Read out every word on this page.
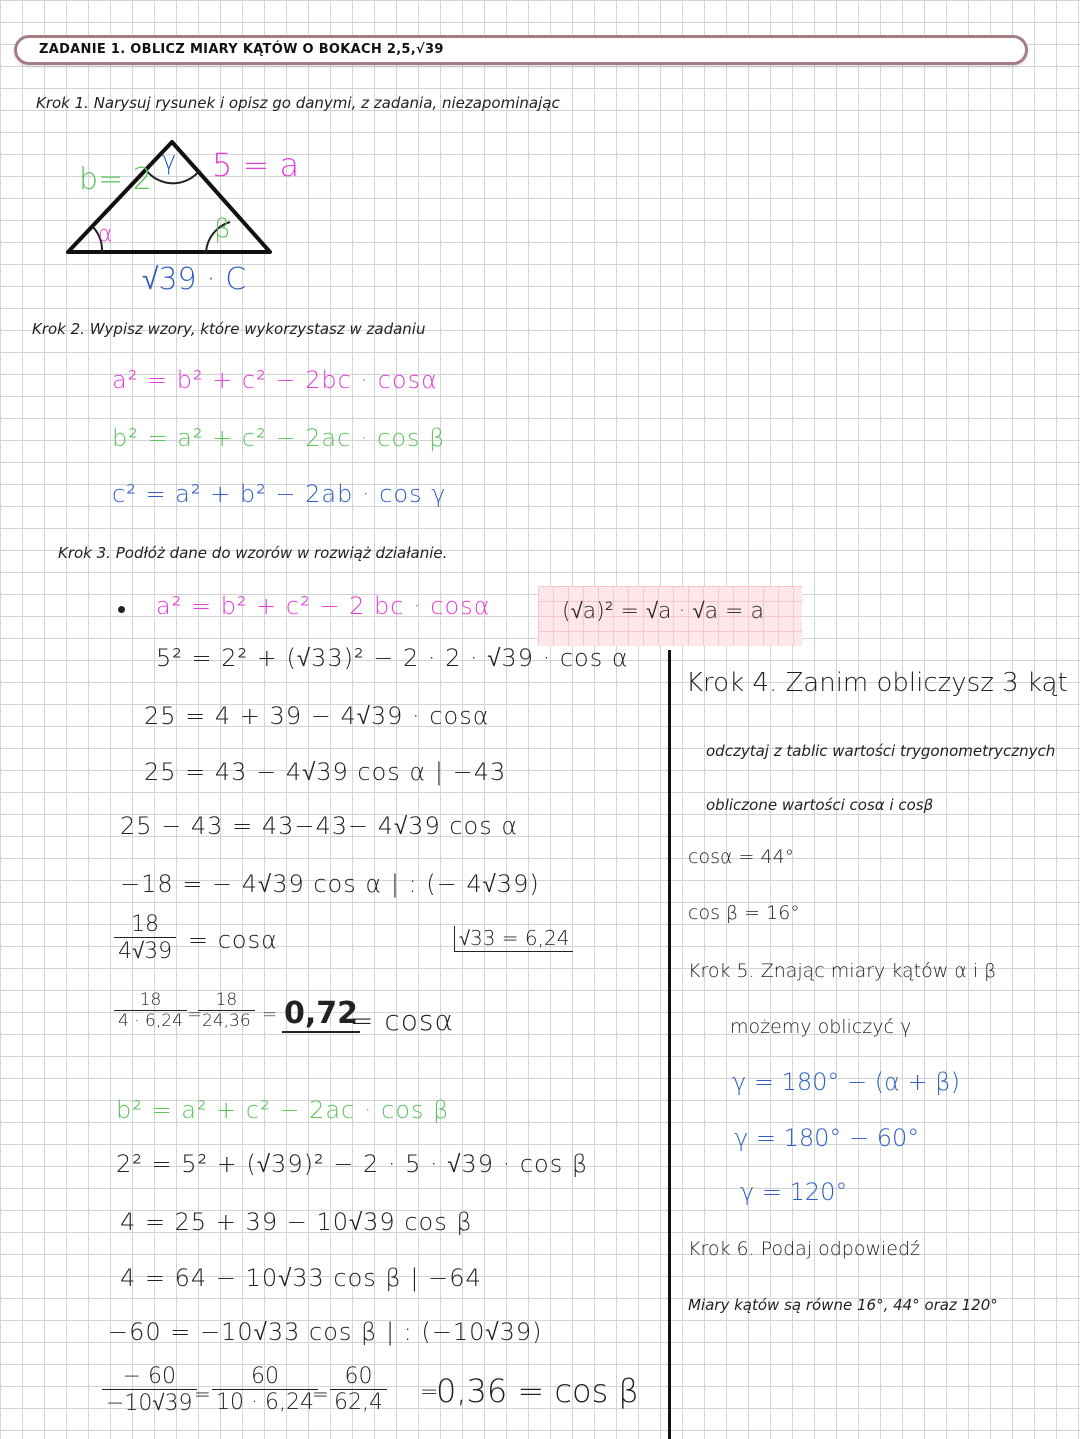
ZADANIE 1. OBLICZ MIARY KĄTÓW O BOKACH 2,5,√39
Krok 1. Narysuj rysunek i opisz go danymi, z zadania, niezapominając
b= 2 5 = a
α	β
γ
√39 · C
Krok 2. Wypisz wzory, które wykorzystasz w zadaniu
a² = b² + c² − 2bc · cosα
b² = a² + c² − 2ac · cos β
c² = a² + b² − 2ab · cos γ
Krok 3. Podłóż dane do wzorów w rozwiąż działanie.
(√a)² = √a · √a = a
a² = b² + c² − 2 bc · cosα
5² = 2² + (√33)² − 2 · 2 · √39 · cos α
25 = 4 + 39 − 4√39 · cosα
25 = 43 − 4√39 cos α | −43
25 − 43 = 43−43− 4√39 cos α
−18 = − 4√39 cos α | : (− 4√39)
$\frac{18}{4√39} = \cos\alpha$	√33 = 6,24
$\frac{18}{4 \cdot 6,24}$ =
$\frac{18}{24,36} = 0,72$
= cosα
b² = a² + c² − 2ac · cos β
2² = 5² + (√39)² − 2 · 5 · √39 · cos β
4 = 25 + 39 − 10√39 cos β
4 = 64 − 10√33 cos β | −64
−60 = −10√33 cos β | : (−10√39)
$\frac{- 60}{-10√39}$
= $\frac{60}{10 \cdot 6,24}$
= $\frac{60}{62,4}$ =
0,36 = cos β
Krok 4. Zanim obliczysz 3 kąt
odczytaj z tablic wartości trygonometrycznych
obliczone wartości cosα i cosβ
cosα = 44°
cos β = 16°
Krok 5. Znając miary kątów α i β
możemy obliczyć γ
γ = 180° − (α + β)
γ = 180° − 60°
γ = 120°
Krok 6. Podaj odpowiedź
Miary kątów są równe 16°, 44° oraz 120°
